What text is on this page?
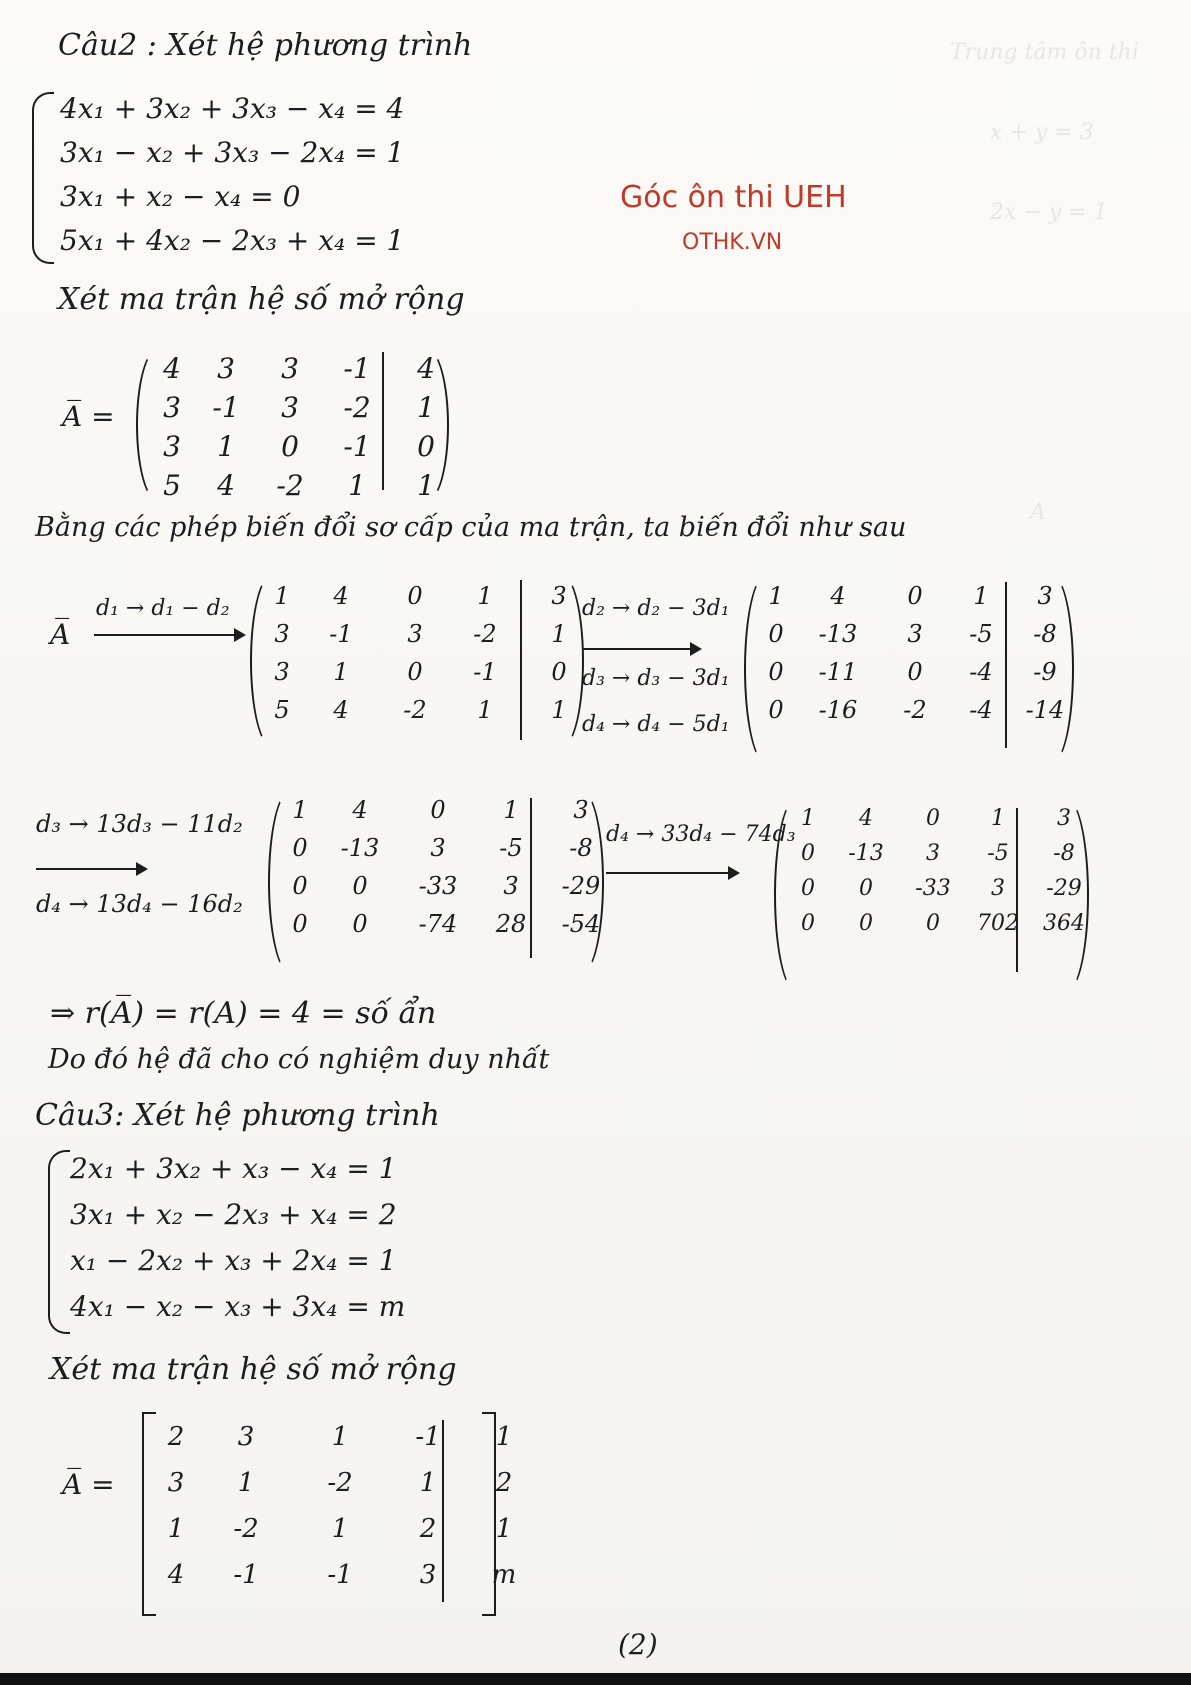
Trung tâm ôn thi
x + y = 3
2x − y = 1
A
Câu2 : Xét hệ phương trình
4x₁ + 3x₂ + 3x₃ − x₄ = 4
3x₁ − x₂ + 3x₃ − 2x₄ = 1
3x₁ + x₂ − x₄ = 0
5x₁ + 4x₂ − 2x₃ + x₄ = 1
Góc ôn thi UEH
OTHK.VN
Xét ma trận hệ số mở rộng
A̅ =
4	3	3	-1	4
3	-1	3	-2	1
3	1	0	-1	0
5	4	-2	1	1
Bằng các phép biến đổi sơ cấp của ma trận, ta biến đổi như sau
A̅
d₁ → d₁ − d₂	1	4	0	1	3
3	-1	3	-2	1
3	1	0	-1	0
5	4	-2	1	1
d₂ → d₂ − 3d₁
d₃ → d₃ − 3d₁
d₄ → d₄ − 5d₁
1	4	0	1	3
0	-13	3	-5	-8
0	-11	0	-4	-9
0	-16	-2	-4	-14
d₃ → 13d₃ − 11d₂
d₄ → 13d₄ − 16d₂
1	4	0	1	3
0	-13	3	-5	-8
0	0	-33	3	-29
0	0	-74	28	-54
d₄ → 33d₄ − 74d₃
1	4	0	1	3
0	-13	3	-5	-8
0	0	-33	3	-29
0	0	0	702	364
⇒ r(A̅) = r(A) = 4 = số ẩn
Do đó hệ đã cho có nghiệm duy nhất
Câu3: Xét hệ phương trình
2x₁ + 3x₂ + x₃ − x₄ = 1
3x₁ + x₂ − 2x₃ + x₄ = 2
x₁ − 2x₂ + x₃ + 2x₄ = 1
4x₁ − x₂ − x₃ + 3x₄ = m
Xét ma trận hệ số mở rộng
A̅ =
2	3	1	-1	1
3	1	-2	1	2
1	-2	1	2	1
4	-1	-1	3	m
(2)
